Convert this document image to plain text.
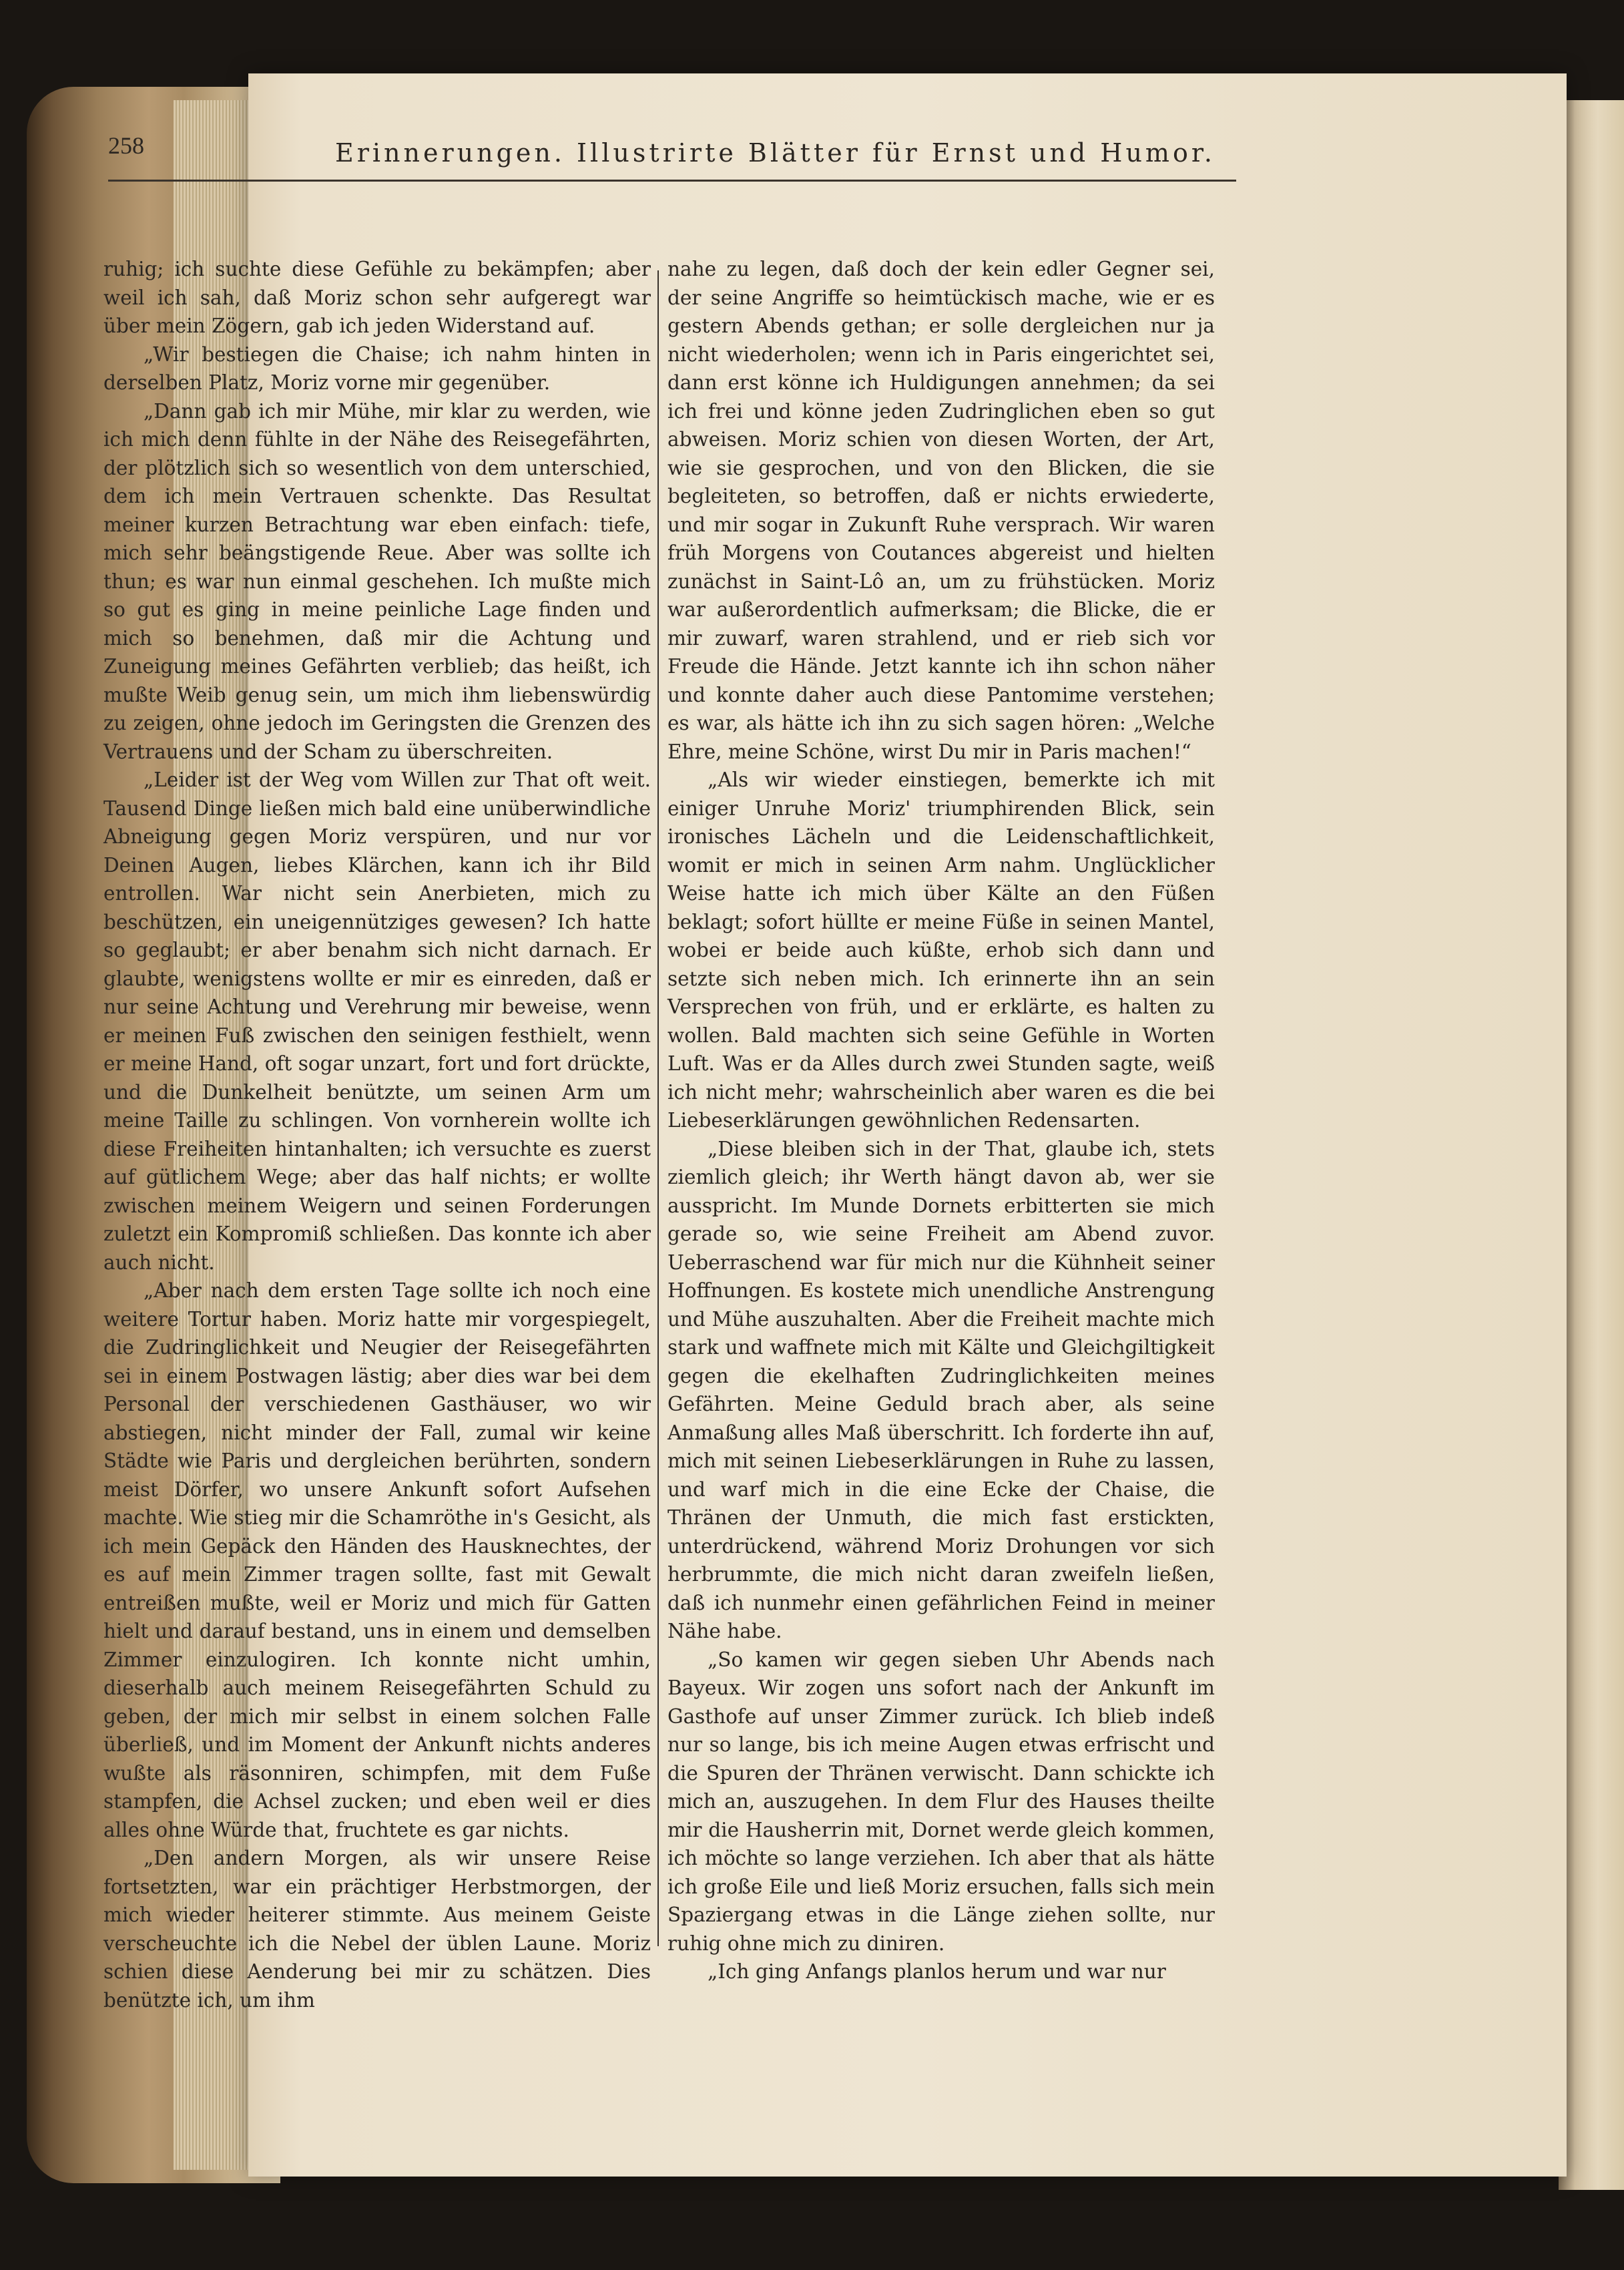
258	Erinnerungen. Illustrirte Blätter für Ernst und Humor.

ruhig; ich suchte diese Gefühle zu bekämpfen; aber weil ich sah, daß Moriz schon sehr aufgeregt war über mein Zögern, gab ich jeden Widerstand auf.

„Wir bestiegen die Chaise; ich nahm hinten in derselben Platz, Moriz vorne mir gegenüber.

„Dann gab ich mir Mühe, mir klar zu werden, wie ich mich denn fühlte in der Nähe des Reisegefährten, der plötzlich sich so wesentlich von dem unterschied, dem ich mein Vertrauen schenkte. Das Resultat meiner kurzen Betrachtung war eben einfach: tiefe, mich sehr beängstigende Reue. Aber was sollte ich thun; es war nun einmal geschehen. Ich mußte mich so gut es ging in meine peinliche Lage finden und mich so benehmen, daß mir die Achtung und Zuneigung meines Gefährten verblieb; das heißt, ich mußte Weib genug sein, um mich ihm liebenswürdig zu zeigen, ohne jedoch im Geringsten die Grenzen des Vertrauens und der Scham zu überschreiten.

„Leider ist der Weg vom Willen zur That oft weit. Tausend Dinge ließen mich bald eine unüberwindliche Abneigung gegen Moriz verspüren, und nur vor Deinen Augen, liebes Klärchen, kann ich ihr Bild entrollen. War nicht sein Anerbieten, mich zu beschützen, ein uneigennütziges gewesen? Ich hatte so geglaubt; er aber benahm sich nicht darnach. Er glaubte, wenigstens wollte er mir es einreden, daß er nur seine Achtung und Verehrung mir beweise, wenn er meinen Fuß zwischen den seinigen festhielt, wenn er meine Hand, oft sogar unzart, fort und fort drückte, und die Dunkelheit benützte, um seinen Arm um meine Taille zu schlingen. Von vornherein wollte ich diese Freiheiten hintanhalten; ich versuchte es zuerst auf gütlichem Wege; aber das half nichts; er wollte zwischen meinem Weigern und seinen Forderungen zuletzt ein Kompromiß schließen. Das konnte ich aber auch nicht.

„Aber nach dem ersten Tage sollte ich noch eine weitere Tortur haben. Moriz hatte mir vorgespiegelt, die Zudringlichkeit und Neugier der Reisegefährten sei in einem Postwagen lästig; aber dies war bei dem Personal der verschiedenen Gasthäuser, wo wir abstiegen, nicht minder der Fall, zumal wir keine Städte wie Paris und dergleichen berührten, sondern meist Dörfer, wo unsere Ankunft sofort Aufsehen machte. Wie stieg mir die Schamröthe in's Gesicht, als ich mein Gepäck den Händen des Hausknechtes, der es auf mein Zimmer tragen sollte, fast mit Gewalt entreißen mußte, weil er Moriz und mich für Gatten hielt und darauf bestand, uns in einem und demselben Zimmer einzulogiren. Ich konnte nicht umhin, dieserhalb auch meinem Reisegefährten Schuld zu geben, der mich mir selbst in einem solchen Falle überließ, und im Moment der Ankunft nichts anderes wußte als räsonniren, schimpfen, mit dem Fuße stampfen, die Achsel zucken; und eben weil er dies alles ohne Würde that, fruchtete es gar nichts.

„Den andern Morgen, als wir unsere Reise fortsetzten, war ein prächtiger Herbstmorgen, der mich wieder heiterer stimmte. Aus meinem Geiste verscheuchte ich die Nebel der üblen Laune. Moriz schien diese Aenderung bei mir zu schätzen. Dies benützte ich, um ihm

nahe zu legen, daß doch der kein edler Gegner sei, der seine Angriffe so heimtückisch mache, wie er es gestern Abends gethan; er solle dergleichen nur ja nicht wiederholen; wenn ich in Paris eingerichtet sei, dann erst könne ich Huldigungen annehmen; da sei ich frei und könne jeden Zudringlichen eben so gut abweisen. Moriz schien von diesen Worten, der Art, wie sie gesprochen, und von den Blicken, die sie begleiteten, so betroffen, daß er nichts erwiederte, und mir sogar in Zukunft Ruhe versprach. Wir waren früh Morgens von Coutances abgereist und hielten zunächst in Saint-Lô an, um zu frühstücken. Moriz war außerordentlich aufmerksam; die Blicke, die er mir zuwarf, waren strahlend, und er rieb sich vor Freude die Hände. Jetzt kannte ich ihn schon näher und konnte daher auch diese Pantomime verstehen; es war, als hätte ich ihn zu sich sagen hören: „Welche Ehre, meine Schöne, wirst Du mir in Paris machen!“

„Als wir wieder einstiegen, bemerkte ich mit einiger Unruhe Moriz' triumphirenden Blick, sein ironisches Lächeln und die Leidenschaftlichkeit, womit er mich in seinen Arm nahm. Unglücklicher Weise hatte ich mich über Kälte an den Füßen beklagt; sofort hüllte er meine Füße in seinen Mantel, wobei er beide auch küßte, erhob sich dann und setzte sich neben mich. Ich erinnerte ihn an sein Versprechen von früh, und er erklärte, es halten zu wollen. Bald machten sich seine Gefühle in Worten Luft. Was er da Alles durch zwei Stunden sagte, weiß ich nicht mehr; wahrscheinlich aber waren es die bei Liebeserklärungen gewöhnlichen Redensarten.

„Diese bleiben sich in der That, glaube ich, stets ziemlich gleich; ihr Werth hängt davon ab, wer sie ausspricht. Im Munde Dornets erbitterten sie mich gerade so, wie seine Freiheit am Abend zuvor. Ueberraschend war für mich nur die Kühnheit seiner Hoffnungen. Es kostete mich unendliche Anstrengung und Mühe auszuhalten. Aber die Freiheit machte mich stark und waffnete mich mit Kälte und Gleichgiltigkeit gegen die ekelhaften Zudringlichkeiten meines Gefährten. Meine Geduld brach aber, als seine Anmaßung alles Maß überschritt. Ich forderte ihn auf, mich mit seinen Liebeserklärungen in Ruhe zu lassen, und warf mich in die eine Ecke der Chaise, die Thränen der Unmuth, die mich fast erstickten, unterdrückend, während Moriz Drohungen vor sich herbrummte, die mich nicht daran zweifeln ließen, daß ich nunmehr einen gefährlichen Feind in meiner Nähe habe.

„So kamen wir gegen sieben Uhr Abends nach Bayeux. Wir zogen uns sofort nach der Ankunft im Gasthofe auf unser Zimmer zurück. Ich blieb indeß nur so lange, bis ich meine Augen etwas erfrischt und die Spuren der Thränen verwischt. Dann schickte ich mich an, auszugehen. In dem Flur des Hauses theilte mir die Hausherrin mit, Dornet werde gleich kommen, ich möchte so lange verziehen. Ich aber that als hätte ich große Eile und ließ Moriz ersuchen, falls sich mein Spaziergang etwas in die Länge ziehen sollte, nur ruhig ohne mich zu diniren.

„Ich ging Anfangs planlos herum und war nur
